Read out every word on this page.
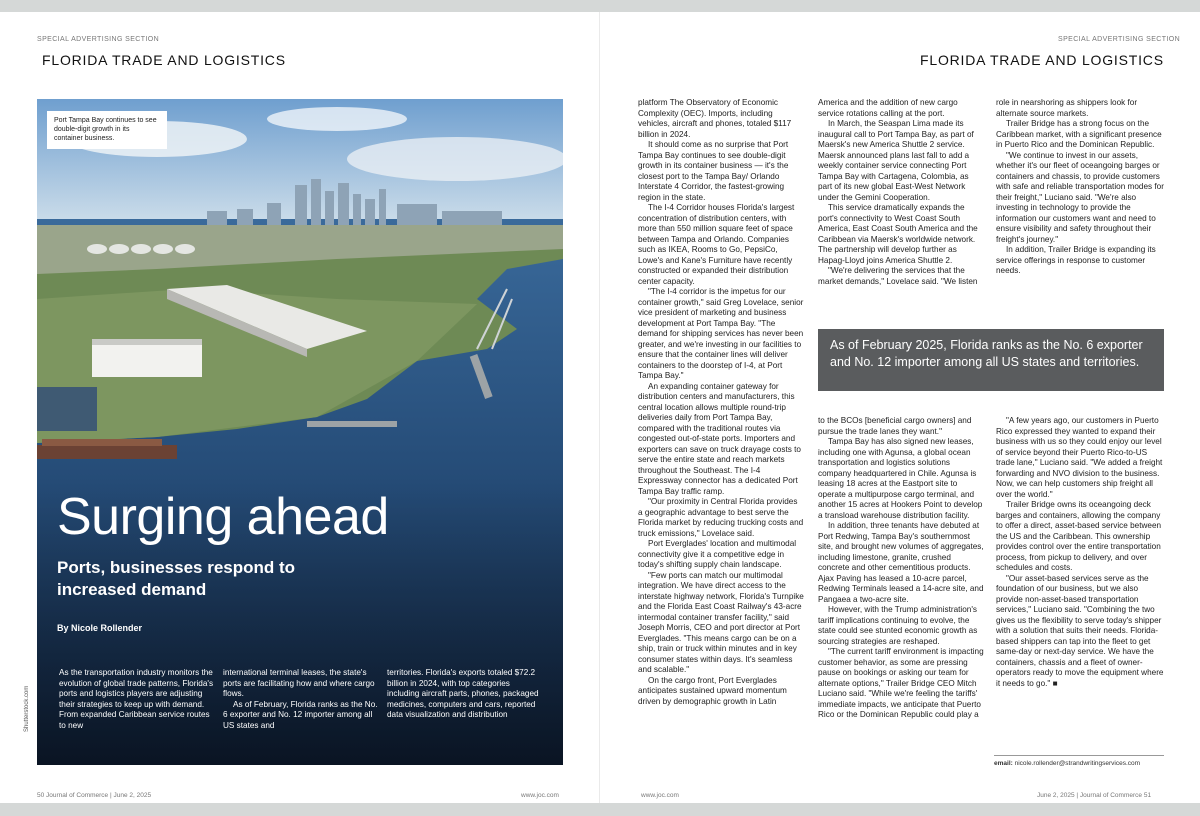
SPECIAL ADVERTISING SECTION
FLORIDA TRADE AND LOGISTICS
Port Tampa Bay continues to see double-digit growth in its container business.
Surging ahead
Ports, businesses respond to increased demand
By Nicole Rollender

As the transportation industry monitors the evolution of global trade patterns, Florida's ports and logistics players are adjusting their strategies to keep up with demand. From expanded Caribbean service routes to new

international terminal leases, the state's ports are facilitating how and where cargo flows.

As of February, Florida ranks as the No. 6 exporter and No. 12 importer among all US states and

territories. Florida's exports totaled $72.2 billion in 2024, with top categories including aircraft parts, phones, packaged medicines, computers and cars, reported data visualization and distribution

Shutterstock.com
50 Journal of Commerce | June 2, 2025	www.joc.com
SPECIAL ADVERTISING SECTION
FLORIDA TRADE AND LOGISTICS

platform The Observatory of Economic Complexity (OEC). Imports, including vehicles, aircraft and phones, totaled $117 billion in 2024.

It should come as no surprise that Port Tampa Bay continues to see double-digit growth in its container business — it's the closest port to the Tampa Bay/ Orlando Interstate 4 Corridor, the fastest-growing region in the state.

The I-4 Corridor houses Florida's largest concentration of distribution centers, with more than 550 million square feet of space between Tampa and Orlando. Companies such as IKEA, Rooms to Go, PepsiCo, Lowe's and Kane's Furniture have recently constructed or expanded their distribution center capacity.

"The I-4 corridor is the impetus for our container growth," said Greg Lovelace, senior vice president of marketing and business development at Port Tampa Bay. "The demand for shipping services has never been greater, and we're investing in our facilities to ensure that the container lines will deliver containers to the doorstep of I-4, at Port Tampa Bay."

An expanding container gateway for distribution centers and manufacturers, this central location allows multiple round-trip deliveries daily from Port Tampa Bay, compared with the traditional routes via congested out-of-state ports. Importers and exporters can save on truck drayage costs to serve the entire state and reach markets throughout the Southeast. The I-4 Expressway connector has a dedicated Port Tampa Bay traffic ramp.

"Our proximity in Central Florida provides a geographic advantage to best serve the Florida market by reducing trucking costs and truck emissions," Lovelace said.

Port Everglades' location and multimodal connectivity give it a competitive edge in today's shifting supply chain landscape.

"Few ports can match our multimodal integration. We have direct access to the interstate highway network, Florida's Turnpike and the Florida East Coast Railway's 43-acre intermodal container transfer facility," said Joseph Morris, CEO and port director at Port Everglades. "This means cargo can be on a ship, train or truck within minutes and in key consumer states within days. It's seamless and scalable."

On the cargo front, Port Everglades anticipates sustained upward momentum driven by demographic growth in Latin

America and the addition of new cargo service rotations calling at the port.

In March, the Seaspan Lima made its inaugural call to Port Tampa Bay, as part of Maersk's new America Shuttle 2 service. Maersk announced plans last fall to add a weekly container service connecting Port Tampa Bay with Cartagena, Colombia, as part of its new global East-West Network under the Gemini Cooperation.

This service dramatically expands the port's connectivity to West Coast South America, East Coast South America and the Caribbean via Maersk's worldwide network. The partnership will develop further as Hapag-Lloyd joins America Shuttle 2.

"We're delivering the services that the market demands," Lovelace said. "We listen

role in nearshoring as shippers look for alternate source markets.

Trailer Bridge has a strong focus on the Caribbean market, with a significant presence in Puerto Rico and the Dominican Republic.

"We continue to invest in our assets, whether it's our fleet of oceangoing barges or containers and chassis, to provide customers with safe and reliable transportation modes for their freight," Luciano said. "We're also investing in technology to provide the information our customers want and need to ensure visibility and safety throughout their freight's journey."

In addition, Trailer Bridge is expanding its service offerings in response to customer needs.

As of February 2025, Florida ranks as the No. 6 exporter and No. 12 importer among all US states and territories.

to the BCOs [beneficial cargo owners] and pursue the trade lanes they want."

Tampa Bay has also signed new leases, including one with Agunsa, a global ocean transportation and logistics solutions company headquartered in Chile. Agunsa is leasing 18 acres at the Eastport site to operate a multipurpose cargo terminal, and another 15 acres at Hookers Point to develop a transload warehouse distribution facility.

In addition, three tenants have debuted at Port Redwing, Tampa Bay's southernmost site, and brought new volumes of aggregates, including limestone, granite, crushed concrete and other cementitious products. Ajax Paving has leased a 10-acre parcel, Redwing Terminals leased a 14-acre site, and Pangaea a two-acre site.

However, with the Trump administration's tariff implications continuing to evolve, the state could see stunted economic growth as sourcing strategies are reshaped.

"The current tariff environment is impacting customer behavior, as some are pressing pause on bookings or asking our team for alternate options," Trailer Bridge CEO Mitch Luciano said. "While we're feeling the tariffs' immediate impacts, we anticipate that Puerto Rico or the Dominican Republic could play a

"A few years ago, our customers in Puerto Rico expressed they wanted to expand their business with us so they could enjoy our level of service beyond their Puerto Rico-to-US trade lane," Luciano said. "We added a freight forwarding and NVO division to the business. Now, we can help customers ship freight all over the world."

Trailer Bridge owns its oceangoing deck barges and containers, allowing the company to offer a direct, asset-based service between the US and the Caribbean. This ownership provides control over the entire transportation process, from pickup to delivery, and over schedules and costs.

"Our asset-based services serve as the foundation of our business, but we also provide non-asset-based transportation services," Luciano said. "Combining the two gives us the flexibility to serve today's shipper with a solution that suits their needs. Florida-based shippers can tap into the fleet to get same-day or next-day service. We have the containers, chassis and a fleet of owner-operators ready to move the equipment where it needs to go." ■

email: nicole.rollender@strandwritingservices.com
www.joc.com	June 2, 2025 | Journal of Commerce 51
